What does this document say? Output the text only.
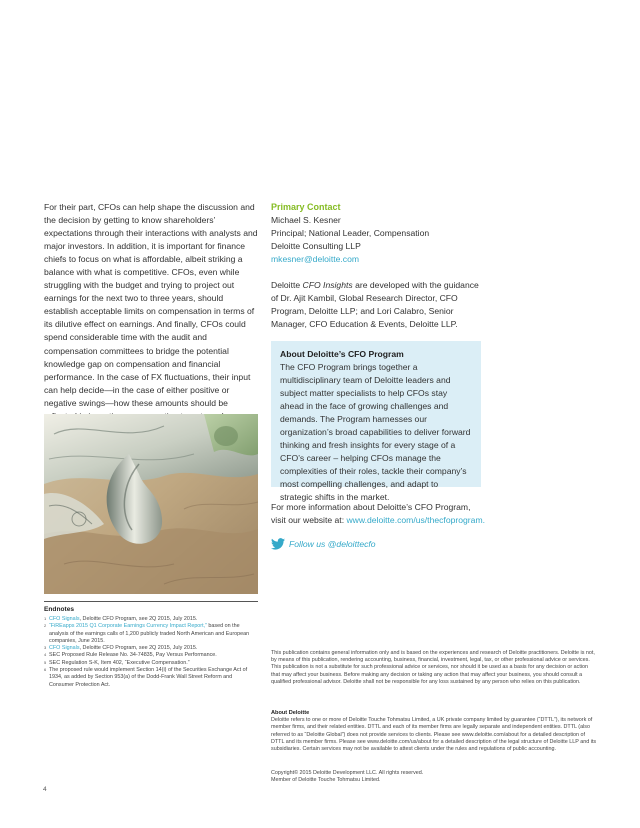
For their part, CFOs can help shape the discussion and the decision by getting to know shareholders’ expectations through their interactions with analysts and major investors. In addition, it is important for finance chiefs to focus on what is affordable, albeit striking a balance with what is competitive. CFOs, even while struggling with the budget and trying to project out earnings for the next two to three years, should establish acceptable limits on compensation in terms of its dilutive effect on earnings. And finally, CFOs could spend considerable time with the audit and compensation committees to bridge the potential knowledge gap on compensation and financial performance. In the case of FX fluctuations, their input can help decide—in the case of either positive or negative swings—how these amounts should be

Endnotes
1 CFO Signals, Deloitte CFO Program, see 2Q 2015, July 2015.
2 “FiREapps 2015 Q1 Corporate Earnings Currency Impact Report,” based on the analysis of the earnings calls of 1,200 publicly traded North American and European companies, June 2015.
3 CFO Signals, Deloitte CFO Program, see 2Q 2015, July 2015.
4 SEC Proposed Rule Release No. 34-74835, Pay Versus Performance.
5 SEC Regulation S-K, Item 402, “Executive Compensation.”
6 The proposed rule would implement Section 14(i) of the Securities Exchange Act of 1934, as added by Section 953(a) of the Dodd-Frank Wall Street Reform and Consumer Protection Act.

Primary Contact

Michael S. Kesner

Principal; National Leader, Compensation

Deloitte Consulting LLP

mkesner@deloitte.com

Deloitte CFO Insights are developed with the guidance of Dr. Ajit Kambil, Global Research Director, CFO Program, Deloitte LLP; and Lori Calabro, Senior Manager, CFO Education & Events, Deloitte LLP.

About Deloitte’s CFO Program

The CFO Program brings together a multidisciplinary team of Deloitte leaders and subject matter specialists to help CFOs stay ahead in the face of growing challenges and demands. The Program harnesses our organization’s broad capabilities to deliver forward thinking and fresh insights for every stage of a CFO’s career – helping CFOs manage the complexities of their roles, tackle their company’s most compelling challenges, and adapt to strategic shifts in the market.

For more information about Deloitte’s CFO Program, visit our website at: www.deloitte.com/us/thecfoprogram.

Follow us @deloittecfo

This publication contains general information only and is based on the experiences and research of Deloitte practitioners. Deloitte is not, by means of this publication, rendering accounting, business, financial, investment, legal, tax, or other professional advice or services. This publication is not a substitute for such professional advice or services, nor should it be used as a basis for any decision or action that may affect your business. Before making any decision or taking any action that may affect your business, you should consult a qualified professional advisor. Deloitte shall not be responsible for any loss sustained by any person who relies on this publication.

About Deloitte

Deloitte refers to one or more of Deloitte Touche Tohmatsu Limited, a UK private company limited by guarantee (“DTTL”), its network of member firms, and their related entities. DTTL and each of its member firms are legally separate and independent entities. DTTL (also referred to as “Deloitte Global”) does not provide services to clients. Please see www.deloitte.com/about for a detailed description of DTTL and its member firms. Please see www.deloitte.com/us/about for a detailed description of the legal structure of Deloitte LLP and its subsidiaries. Certain services may not be available to attest clients under the rules and regulations of public accounting.

Copyright© 2015 Deloitte Development LLC. All rights reserved.

Member of Deloitte Touche Tohmatsu Limited.

4
